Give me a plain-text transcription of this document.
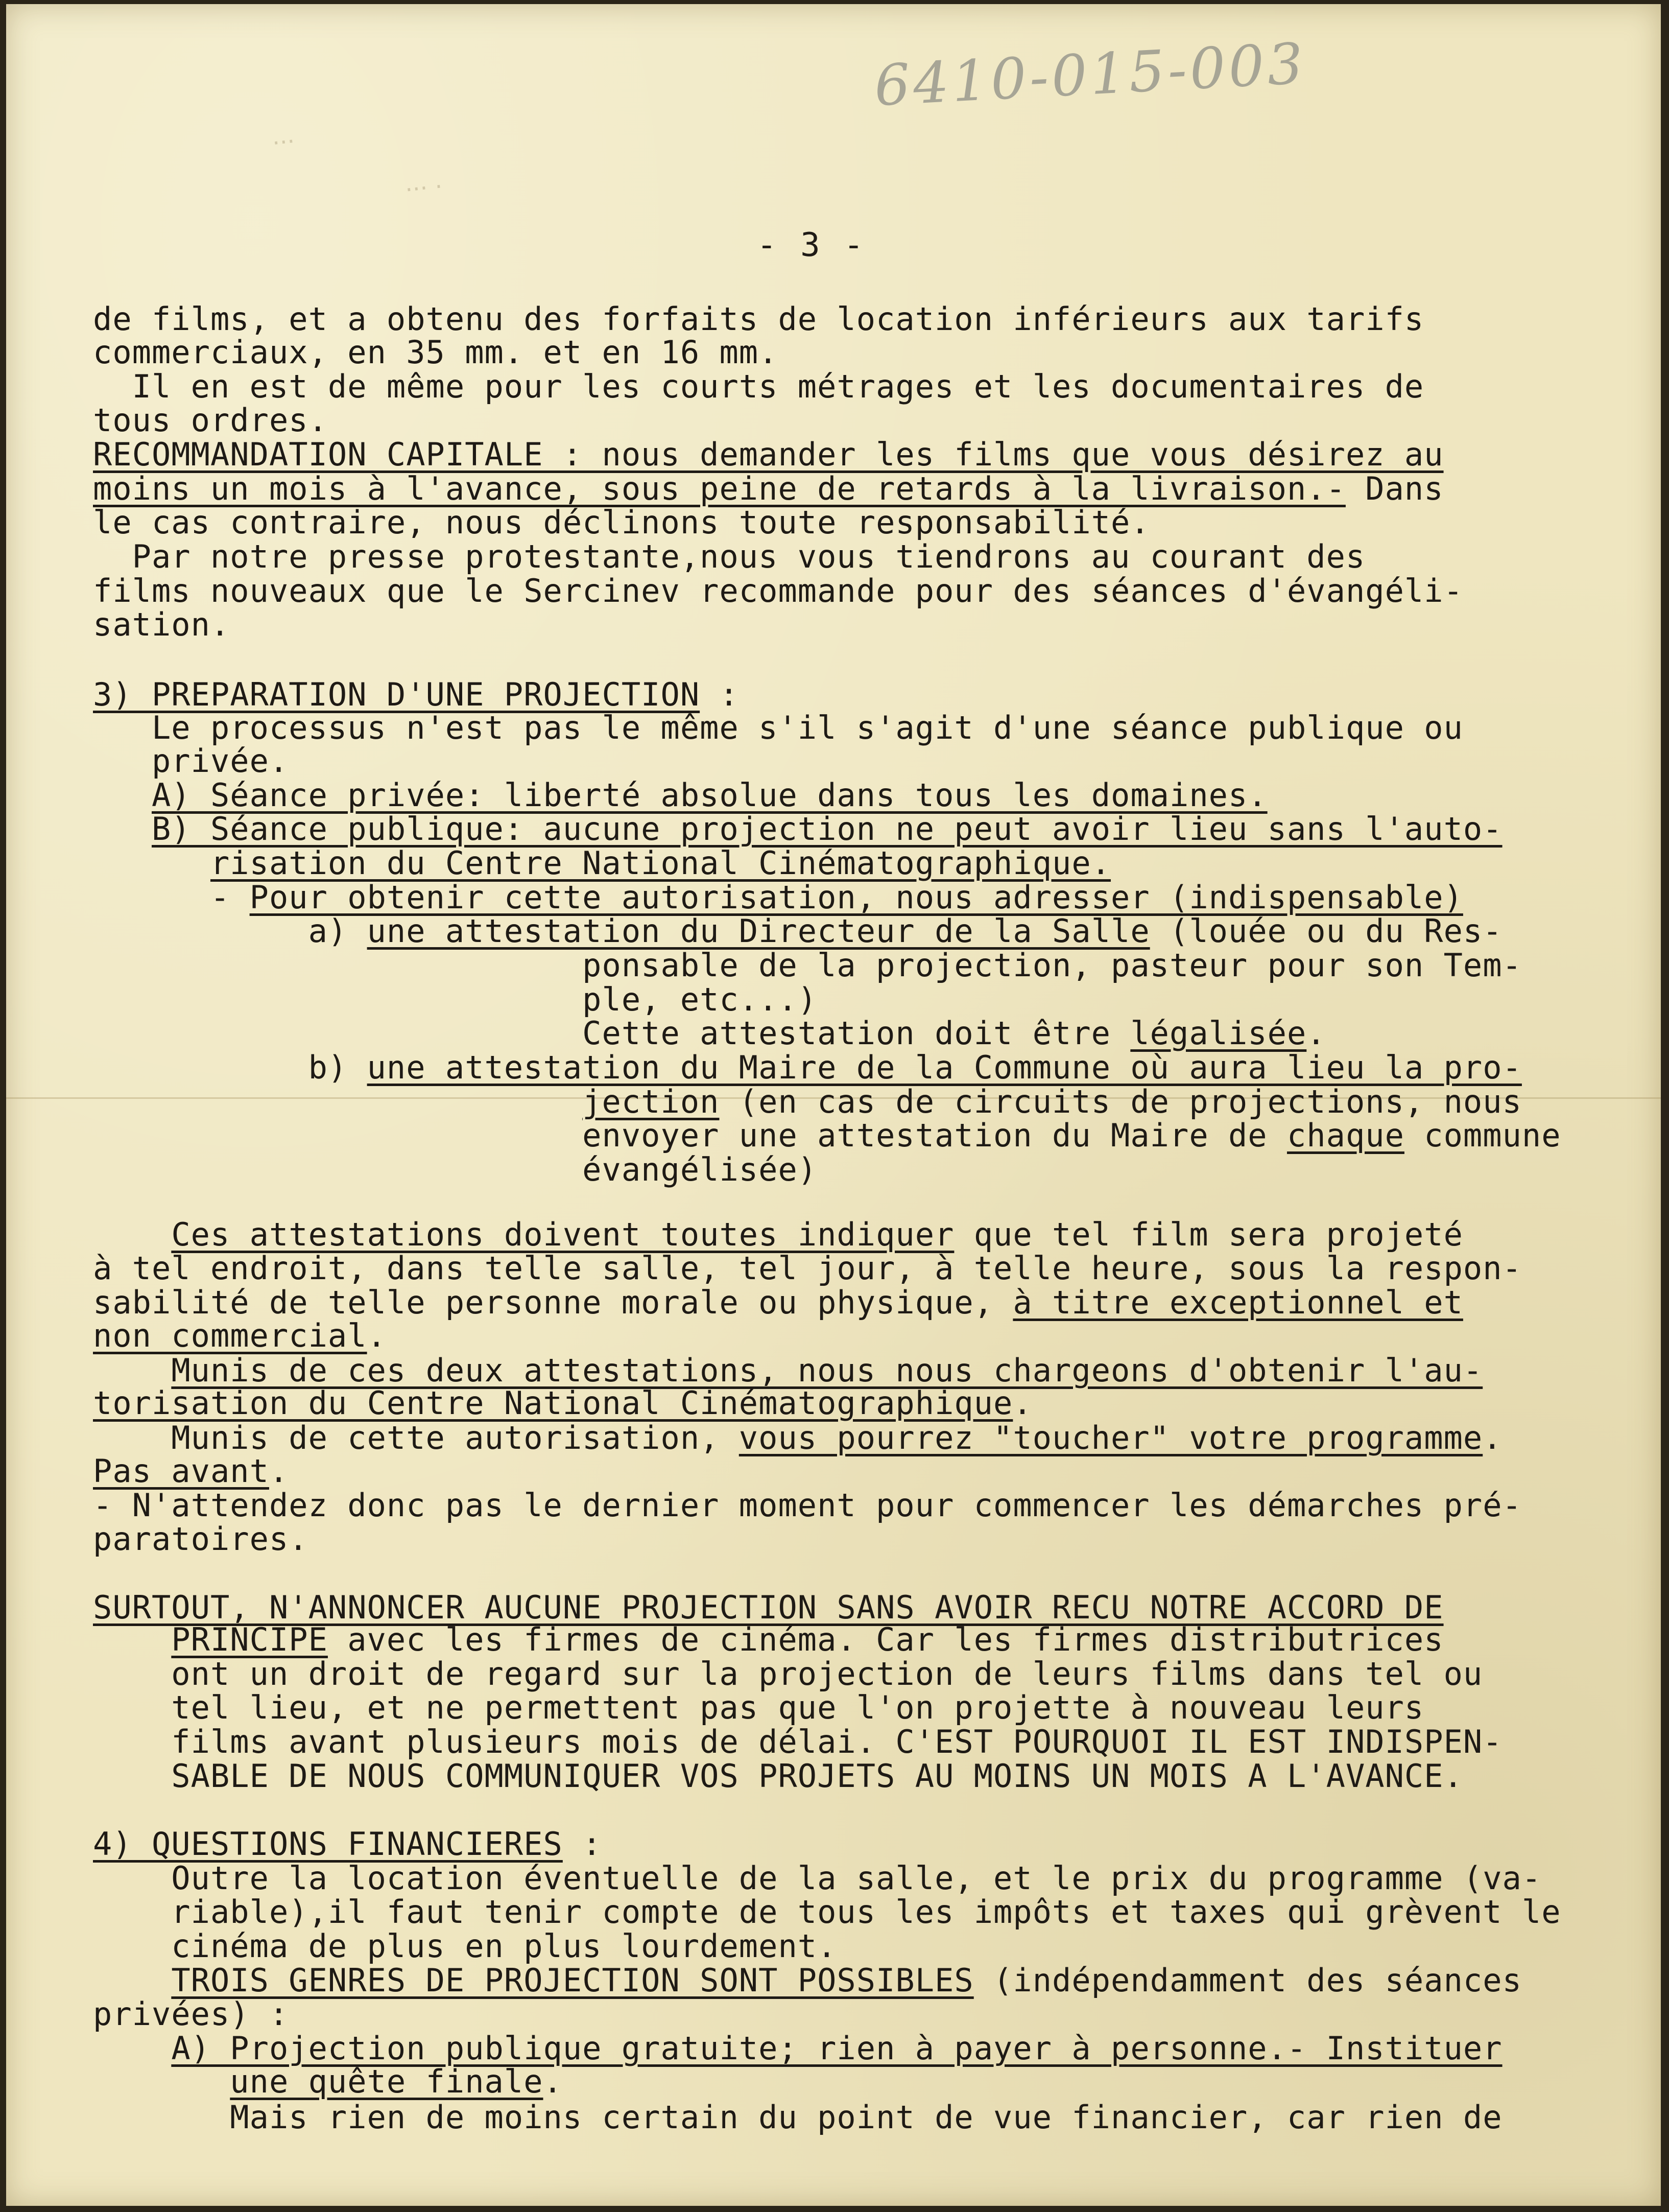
6410-015-003
...
... .
- 3 -
de films, et a obtenu des forfaits de location inférieurs aux tarifs
commerciaux, en 35 mm. et en 16 mm.
Il en est de même pour les courts métrages et les documentaires de
tous ordres.
RECOMMANDATION CAPITALE : nous demander les films que vous désirez au
moins un mois à l'avance, sous peine de retards à la livraison.- Dans
le cas contraire, nous déclinons toute responsabilité.
Par notre presse protestante,nous vous tiendrons au courant des
films nouveaux que le Sercinev recommande pour des séances d'évangéli-
sation.
3) PREPARATION D'UNE PROJECTION :
Le processus n'est pas le même s'il s'agit d'une séance publique ou
privée.
A) Séance privée: liberté absolue dans tous les domaines.
B) Séance publique: aucune projection ne peut avoir lieu sans l'auto-
risation du Centre National Cinématographique.
- Pour obtenir cette autorisation, nous adresser (indispensable)
a) une attestation du Directeur de la Salle (louée ou du Res-
ponsable de la projection, pasteur pour son Tem-
ple, etc...)
Cette attestation doit être légalisée.
b) une attestation du Maire de la Commune où aura lieu la pro-
jection (en cas de circuits de projections, nous
envoyer une attestation du Maire de chaque commune
évangélisée)
Ces attestations doivent toutes indiquer que tel film sera projeté
à tel endroit, dans telle salle, tel jour, à telle heure, sous la respon-
sabilité de telle personne morale ou physique, à titre exceptionnel et
non commercial.
Munis de ces deux attestations, nous nous chargeons d'obtenir l'au-
torisation du Centre National Cinématographique.
Munis de cette autorisation, vous pourrez "toucher" votre programme.
Pas avant.
- N'attendez donc pas le dernier moment pour commencer les démarches pré-
paratoires.
SURTOUT, N'ANNONCER AUCUNE PROJECTION SANS AVOIR RECU NOTRE ACCORD DE
PRINCIPE avec les firmes de cinéma. Car les firmes distributrices
ont un droit de regard sur la projection de leurs films dans tel ou
tel lieu, et ne permettent pas que l'on projette à nouveau leurs
films avant plusieurs mois de délai. C'EST POURQUOI IL EST INDISPEN-
SABLE DE NOUS COMMUNIQUER VOS PROJETS AU MOINS UN MOIS A L'AVANCE.
4) QUESTIONS FINANCIERES :
Outre la location éventuelle de la salle, et le prix du programme (va-
riable),il faut tenir compte de tous les impôts et taxes qui grèvent le
cinéma de plus en plus lourdement.
TROIS GENRES DE PROJECTION SONT POSSIBLES (indépendamment des séances
privées) :
A) Projection publique gratuite; rien à payer à personne.- Instituer
une quête finale.
Mais rien de moins certain du point de vue financier, car rien de
